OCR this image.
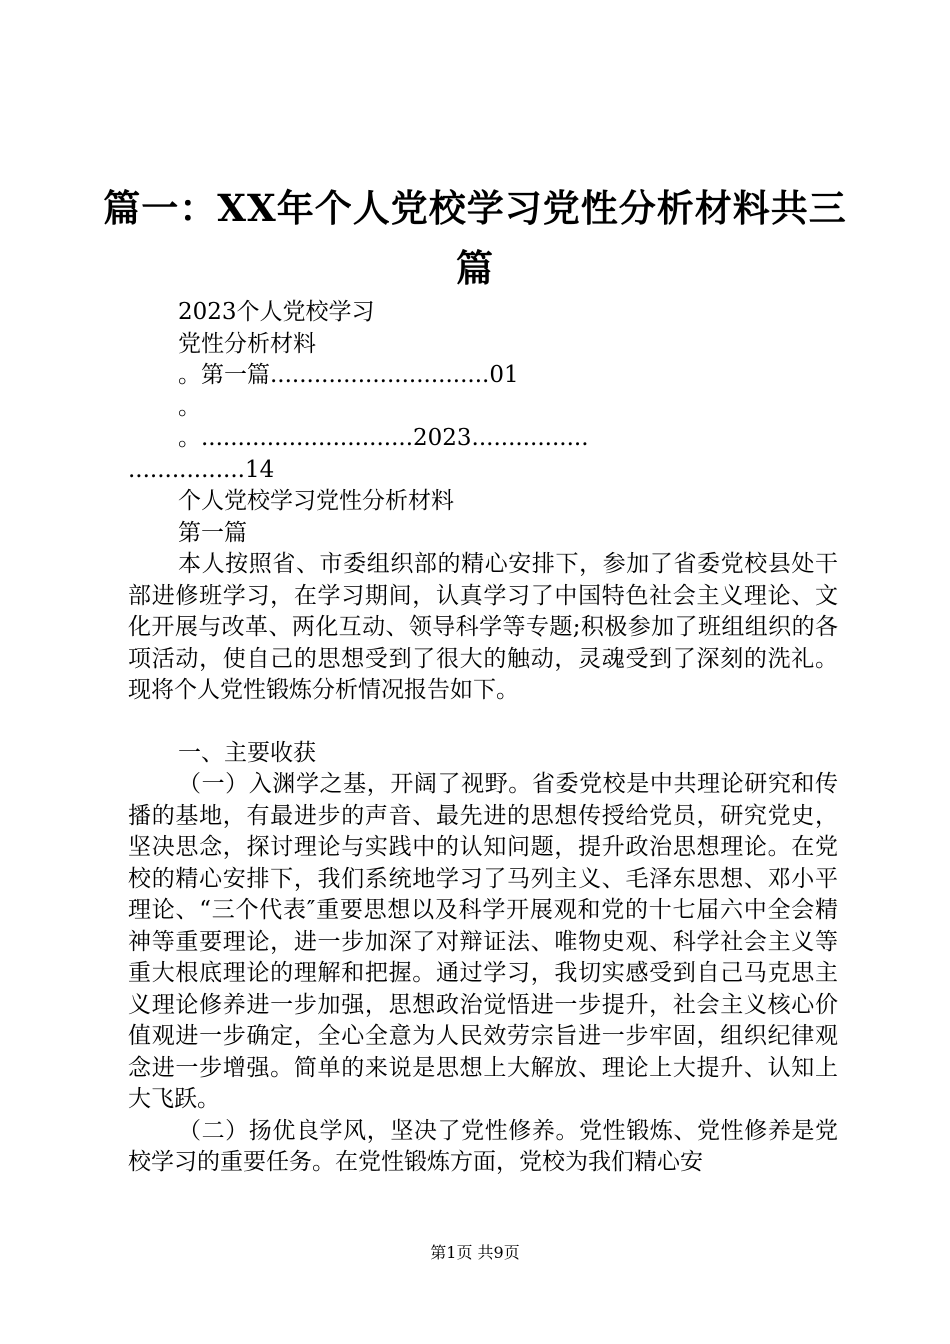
篇一：XX年个人党校学习党性分析材料共三篇
2023个人党校学习
党性分析材料
。第一篇..............................01
。
。.............................2023................
................14
个人党校学习党性分析材料
第一篇
本人按照省、市委组织部的精心安排下，参加了省委党校县处干部进修班学习，在学习期间，认真学习了中国特色社会主义理论、文化开展与改革、两化互动、领导科学等专题;积极参加了班组组织的各项活动，使自己的思想受到了很大的触动，灵魂受到了深刻的洗礼。现将个人党性锻炼分析情况报告如下。
一、主要收获
（一）入渊学之基，开阔了视野。省委党校是中共理论研究和传播的基地，有最进步的声音、最先进的思想传授给党员，研究党史，坚决思念，探讨理论与实践中的认知问题，提升政治思想理论。在党校的精心安排下，我们系统地学习了马列主义、毛泽东思想、邓小平理论、“三个代表″重要思想以及科学开展观和党的十七届六中全会精神等重要理论，进一步加深了对辩证法、唯物史观、科学社会主义等重大根底理论的理解和把握。通过学习，我切实感受到自己马克思主义理论修养进一步加强，思想政治觉悟进一步提升，社会主义核心价值观进一步确定，全心全意为人民效劳宗旨进一步牢固，组织纪律观念进一步增强。简单的来说是思想上大解放、理论上大提升、认知上大飞跃。
（二）扬优良学风，坚决了党性修养。党性锻炼、党性修养是党校学习的重要任务。在党性锻炼方面，党校为我们精心安
第1页 共9页
